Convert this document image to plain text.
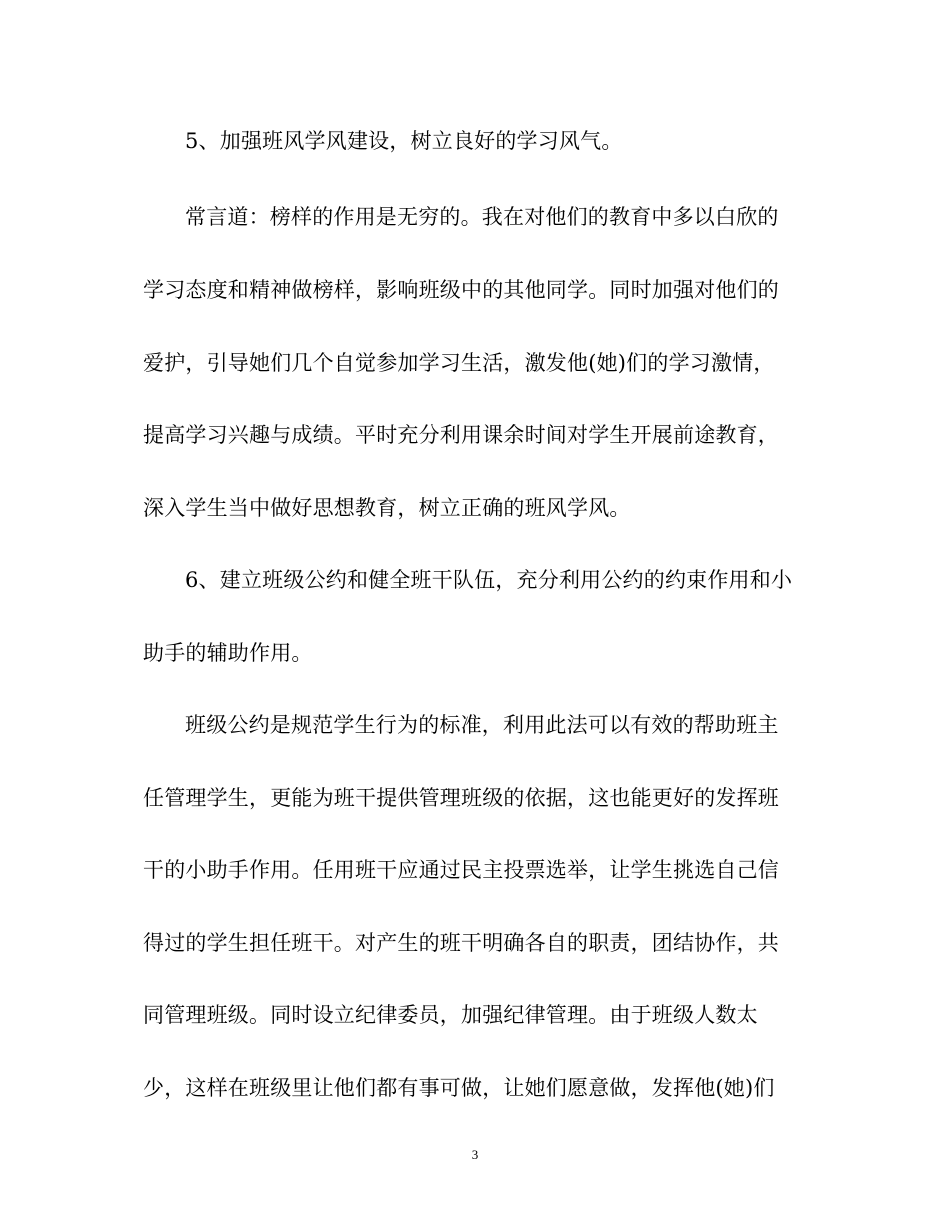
5、加强班风学风建设，树立良好的学习风气。
常言道：榜样的作用是无穷的。我在对他们的教育中多以白欣的
学习态度和精神做榜样，影响班级中的其他同学。同时加强对他们的
爱护，引导她们几个自觉参加学习生活，激发他(她)们的学习激情，
提高学习兴趣与成绩。平时充分利用课余时间对学生开展前途教育，
深入学生当中做好思想教育，树立正确的班风学风。
6、建立班级公约和健全班干队伍，充分利用公约的约束作用和小
助手的辅助作用。
班级公约是规范学生行为的标准，利用此法可以有效的帮助班主
任管理学生，更能为班干提供管理班级的依据，这也能更好的发挥班
干的小助手作用。任用班干应通过民主投票选举，让学生挑选自己信
得过的学生担任班干。对产生的班干明确各自的职责，团结协作，共
同管理班级。同时设立纪律委员，加强纪律管理。由于班级人数太
少，这样在班级里让他们都有事可做，让她们愿意做，发挥他(她)们
3
